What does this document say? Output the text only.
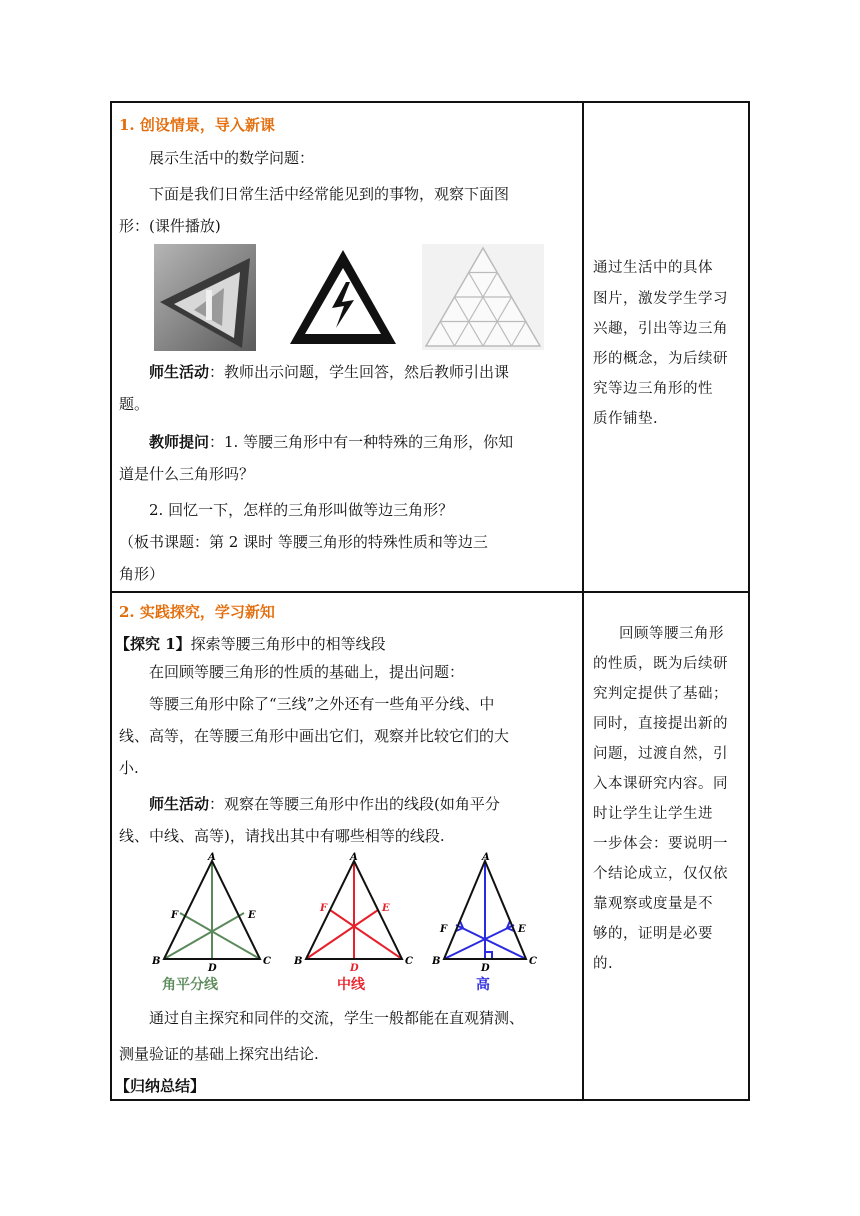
1. 创设情景，导入新课
展示生活中的数学问题：
下面是我们日常生活中经常能见到的事物，观察下面图
形：(课件播放)
师生活动：教师出示问题，学生回答，然后教师引出课
题。
教师提问：1. 等腰三角形中有一种特殊的三角形，你知
道是什么三角形吗？
2. 回忆一下，怎样的三角形叫做等边三角形？
（板书课题：第 2 课时 等腰三角形的特殊性质和等边三
角形）
通过生活中的具体
图片，激发学生学习
兴趣，引出等边三角
形的概念，为后续研
究等边三角形的性
质作铺垫.
2. 实践探究，学习新知
【探究 1】探索等腰三角形中的相等线段
在回顾等腰三角形的性质的基础上，提出问题：
等腰三角形中除了“三线”之外还有一些角平分线、中
线、高等，在等腰三角形中画出它们，观察并比较它们的大
小.
师生活动：观察在等腰三角形中作出的线段(如角平分
线、中线、高等)，请找出其中有哪些相等的线段.
A
B	C
D
E
F
角平分线
A
B	C
D
E
F
中线
A
B	C
D
E
F
高
通过自主探究和同伴的交流，学生一般都能在直观猜测、
测量验证的基础上探究出结论.
【归纳总结】
回顾等腰三角形
的性质，既为后续研
究判定提供了基础；
同时，直接提出新的
问题，过渡自然，引
入本课研究内容。同
时让学生让学生进
一步体会：要说明一
个结论成立，仅仅依
靠观察或度量是不
够的，证明是必要
的.
